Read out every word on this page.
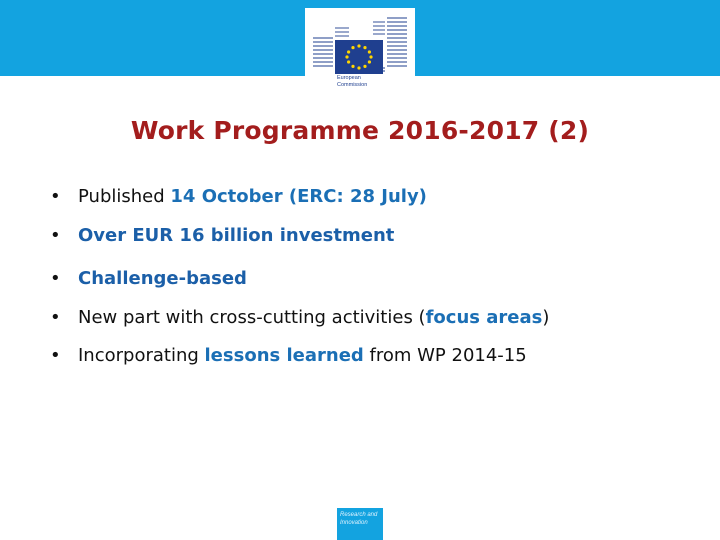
European
Commission
Work Programme 2016-2017 (2)
• Published 14 October (ERC: 28 July)
• Over EUR 16 billion investment
• Challenge-based
• New part with cross-cutting activities (focus areas)
• Incorporating lessons learned from WP 2014-15
Research and
Innovation
